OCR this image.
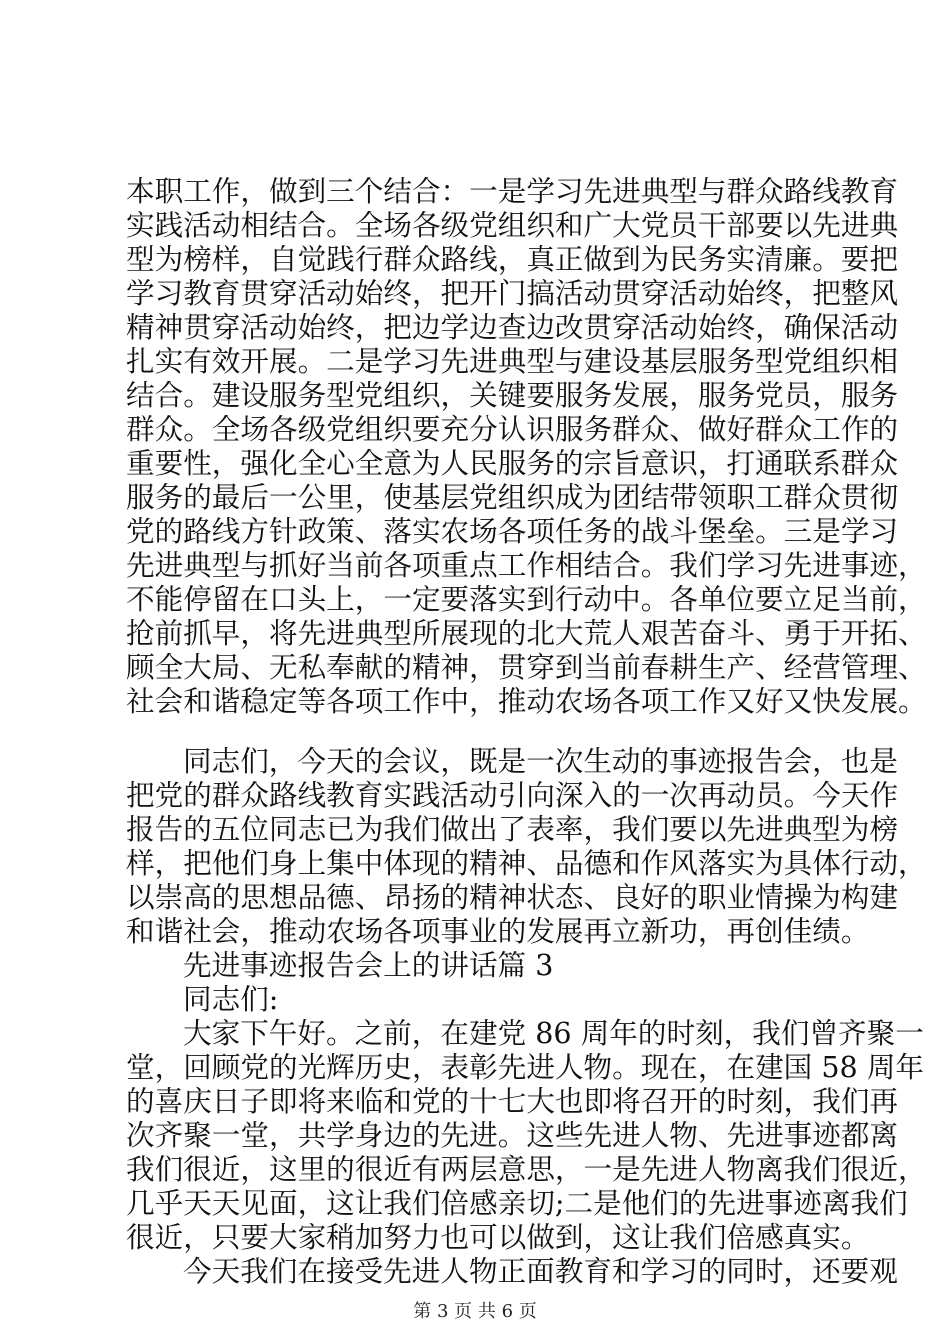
本职工作，做到三个结合：一是学习先进典型与群众路线教育
实践活动相结合。全场各级党组织和广大党员干部要以先进典
型为榜样，自觉践行群众路线，真正做到为民务实清廉。要把
学习教育贯穿活动始终，把开门搞活动贯穿活动始终，把整风
精神贯穿活动始终，把边学边查边改贯穿活动始终，确保活动
扎实有效开展。二是学习先进典型与建设基层服务型党组织相
结合。建设服务型党组织，关键要服务发展，服务党员，服务
群众。全场各级党组织要充分认识服务群众、做好群众工作的
重要性，强化全心全意为人民服务的宗旨意识，打通联系群众
服务的最后一公里，使基层党组织成为团结带领职工群众贯彻
党的路线方针政策、落实农场各项任务的战斗堡垒。三是学习
先进典型与抓好当前各项重点工作相结合。我们学习先进事迹，
不能停留在口头上，一定要落实到行动中。各单位要立足当前，
抢前抓早，将先进典型所展现的北大荒人艰苦奋斗、勇于开拓、
顾全大局、无私奉献的精神，贯穿到当前春耕生产、经营管理、
社会和谐稳定等各项工作中，推动农场各项工作又好又快发展。
同志们，今天的会议，既是一次生动的事迹报告会，也是
把党的群众路线教育实践活动引向深入的一次再动员。今天作
报告的五位同志已为我们做出了表率，我们要以先进典型为榜
样，把他们身上集中体现的精神、品德和作风落实为具体行动，
以崇高的思想品德、昂扬的精神状态、良好的职业情操为构建
和谐社会，推动农场各项事业的发展再立新功，再创佳绩。
先进事迹报告会上的讲话篇 3
同志们:
大家下午好。之前，在建党 86 周年的时刻，我们曾齐聚一
堂，回顾党的光辉历史，表彰先进人物。现在，在建国 58 周年
的喜庆日子即将来临和党的十七大也即将召开的时刻，我们再
次齐聚一堂，共学身边的先进。这些先进人物、先进事迹都离
我们很近，这里的很近有两层意思，一是先进人物离我们很近，
几乎天天见面，这让我们倍感亲切;二是他们的先进事迹离我们
很近，只要大家稍加努力也可以做到，这让我们倍感真实。
今天我们在接受先进人物正面教育和学习的同时，还要观
第 3 页 共 6 页
